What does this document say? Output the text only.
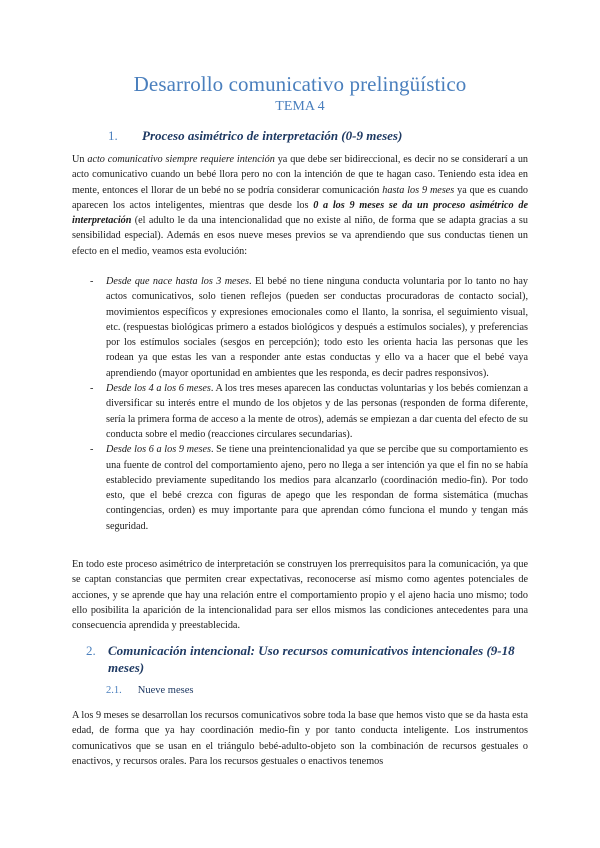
Desarrollo comunicativo prelingüístico
TEMA 4
1. Proceso asimétrico de interpretación (0-9 meses)
Un acto comunicativo siempre requiere intención ya que debe ser bidireccional, es decir no se considerarí a un acto comunicativo cuando un bebé llora pero no con la intención de que te hagan caso. Teniendo esta idea en mente, entonces el llorar de un bebé no se podría considerar comunicación hasta los 9 meses ya que es cuando aparecen los actos inteligentes, mientras que desde los 0 a los 9 meses se da un proceso asimétrico de interpretación (el adulto le da una intencionalidad que no existe al niño, de forma que se adapta gracias a su sensibilidad especial). Además en esos nueve meses previos se va aprendiendo que sus conductas tienen un efecto en el medio, veamos esta evolución:
- Desde que nace hasta los 3 meses. El bebé no tiene ninguna conducta voluntaria por lo tanto no hay actos comunicativos, solo tienen reflejos (pueden ser conductas procuradoras de contacto social), movimientos específicos y expresiones emocionales como el llanto, la sonrisa, el seguimiento visual, etc. (respuestas biológicas primero a estados biológicos y después a estímulos sociales), y preferencias por los estímulos sociales (sesgos en percepción); todo esto les orienta hacia las personas que les rodean ya que estas les van a responder ante estas conductas y ello va a hacer que el bebé vaya aprendiendo (mayor oportunidad en ambientes que les responda, es decir padres responsivos).
- Desde los 4 a los 6 meses. A los tres meses aparecen las conductas voluntarias y los bebés comienzan a diversificar su interés entre el mundo de los objetos y de las personas (responden de forma diferente, sería la primera forma de acceso a la mente de otros), además se empiezan a dar cuenta del efecto de su conducta sobre el medio (reacciones circulares secundarias).
- Desde los 6 a los 9 meses. Se tiene una preintencionalidad ya que se percibe que su comportamiento es una fuente de control del comportamiento ajeno, pero no llega a ser intención ya que el fin no se había establecido previamente supeditando los medios para alcanzarlo (coordinación medio-fin). Por todo esto, que el bebé crezca con figuras de apego que les respondan de forma sistemática (muchas contingencias, orden) es muy importante para que aprendan cómo funciona el mundo y tengan más seguridad.
En todo este proceso asimétrico de interpretación se construyen los prerrequisitos para la comunicación, ya que se captan constancias que permiten crear expectativas, reconocerse así mismo como agentes potenciales de acciones, y se aprende que hay una relación entre el comportamiento propio y el ajeno hacia uno mismo; todo ello posibilita la aparición de la intencionalidad para ser ellos mismos las condiciones antecedentes para una consecuencia aprendida y preestablecida.
2. Comunicación intencional: Uso recursos comunicativos intencionales (9-18 meses)
2.1. Nueve meses
A los 9 meses se desarrollan los recursos comunicativos sobre toda la base que hemos visto que se da hasta esta edad, de forma que ya hay coordinación medio-fin y por tanto conducta inteligente. Los instrumentos comunicativos que se usan en el triángulo bebé-adulto-objeto son la combinación de recursos gestuales o enactivos, y recursos orales. Para los recursos gestuales o enactivos tenemos
